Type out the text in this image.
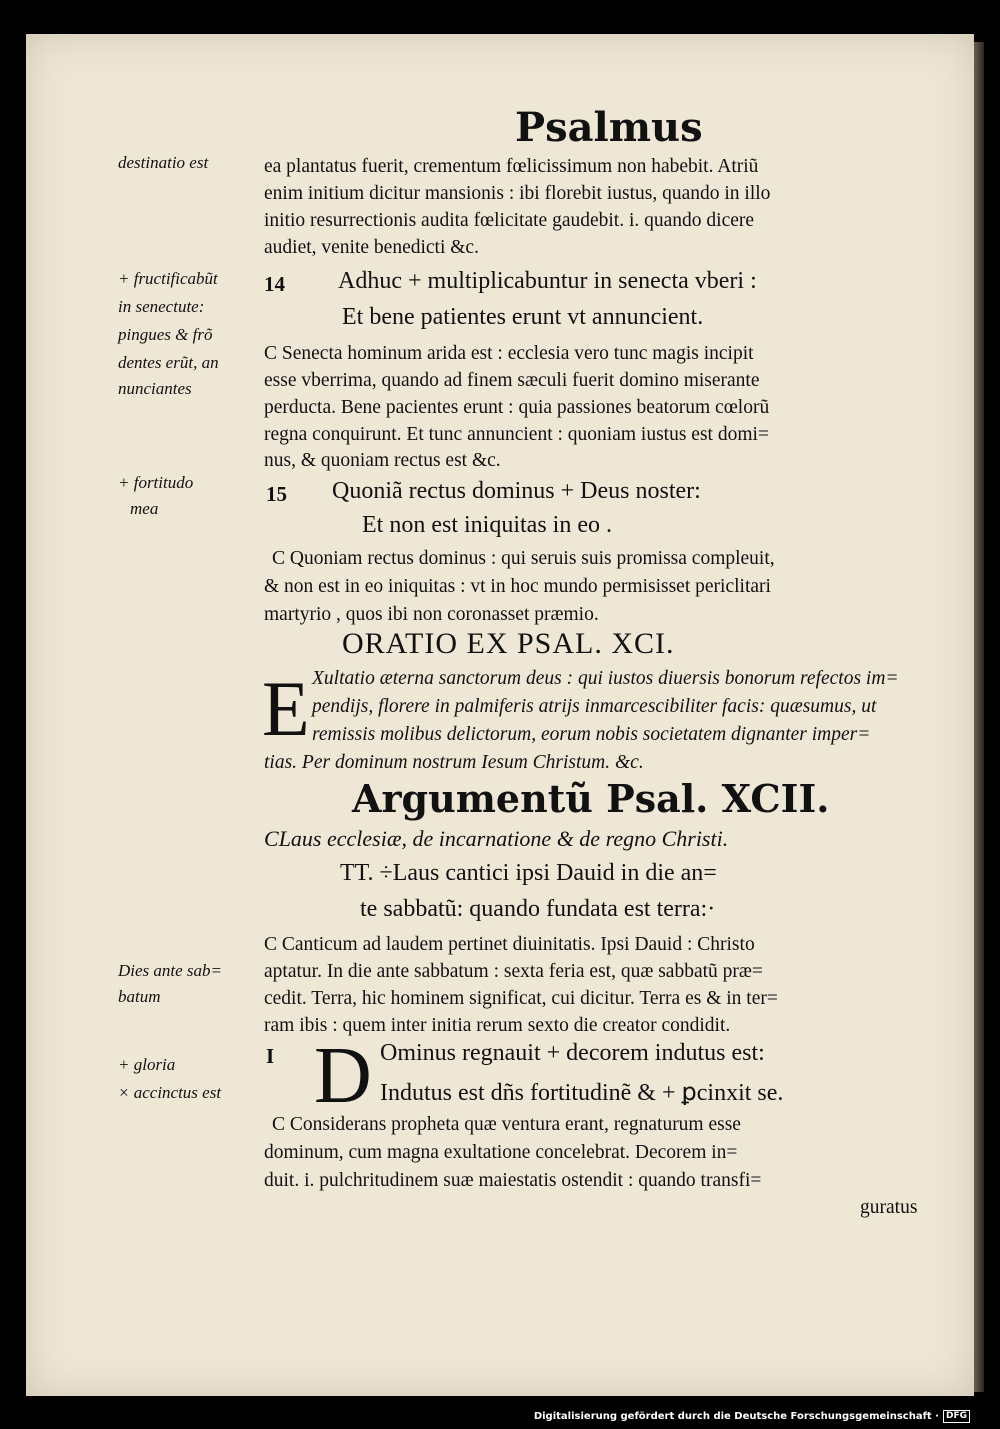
Psalmus
destinatio est	ea plantatus fuerit, crementum fœlicissimum non habebit. Atriũ
enim initium dicitur mansionis : ibi florebit iustus, quando in illo
initio resurrectionis audita fœlicitate gaudebit. i. quando dicere
audiet, venite benedicti &c.
+ fructificabũt
in senectute:
pingues & frõ
dentes erũt, an
nunciantes
14 Adhuc + multiplicabuntur in senecta vberi :
Et bene patientes erunt vt annuncient.
Ϲ Senecta hominum arida est : ecclesia vero tunc magis incipit
esse vberrima, quando ad finem sæculi fuerit domino miserante
perducta. Bene pacientes erunt : quia passiones beatorum cœlorũ
regna conquirunt. Et tunc annuncient : quoniam iustus est domi=
nus, & quoniam rectus est &c.
+ fortitudo
mea
15 Quoniã rectus dominus + Deus noster:
Et non est iniquitas in eo .
Ϲ Quoniam rectus dominus : qui seruis suis promissa compleuit,
& non est in eo iniquitas : vt in hoc mundo permisisset periclitari
martyrio , quos ibi non coronasset præmio.
ORATIO EX PSAL. XCI.
E Xultatio æterna sanctorum deus : qui iustos diuersis bonorum refectos im=
pendijs, florere in palmiferis atrijs inmarcescibiliter facis: quæsumus, ut
remissis molibus delictorum, eorum nobis societatem dignanter imper=
tias. Per dominum nostrum Iesum Christum. &c.
Argumentũ Psal. XCII.
ϹLaus ecclesiæ, de incarnatione & de regno Christi.
TT. ÷Laus cantici ipsi Dauid in die an=
te sabbatũ: quando fundata est terra:·
Ϲ Canticum ad laudem pertinet diuinitatis. Ipsi Dauid : Christo
aptatur. In die ante sabbatum : sexta feria est, quæ sabbatũ præ=
cedit. Terra, hic hominem significat, cui dicitur. Terra es & in ter=
ram ibis : quem inter initia rerum sexto die creator condidit.
Dies ante sab=
batum
+ gloria
× accinctus est
I D Ominus regnauit + decorem indutus est:
Indutus est dñs fortitudinẽ & + ꝑcinxit se.
Ϲ Considerans propheta quæ ventura erant, regnaturum esse
dominum, cum magna exultatione concelebrat. Decorem in=
duit. i. pulchritudinem suæ maiestatis ostendit : quando transfi=
guratus
Digitalisierung gefördert durch die Deutsche Forschungsgemeinschaft · DFG
